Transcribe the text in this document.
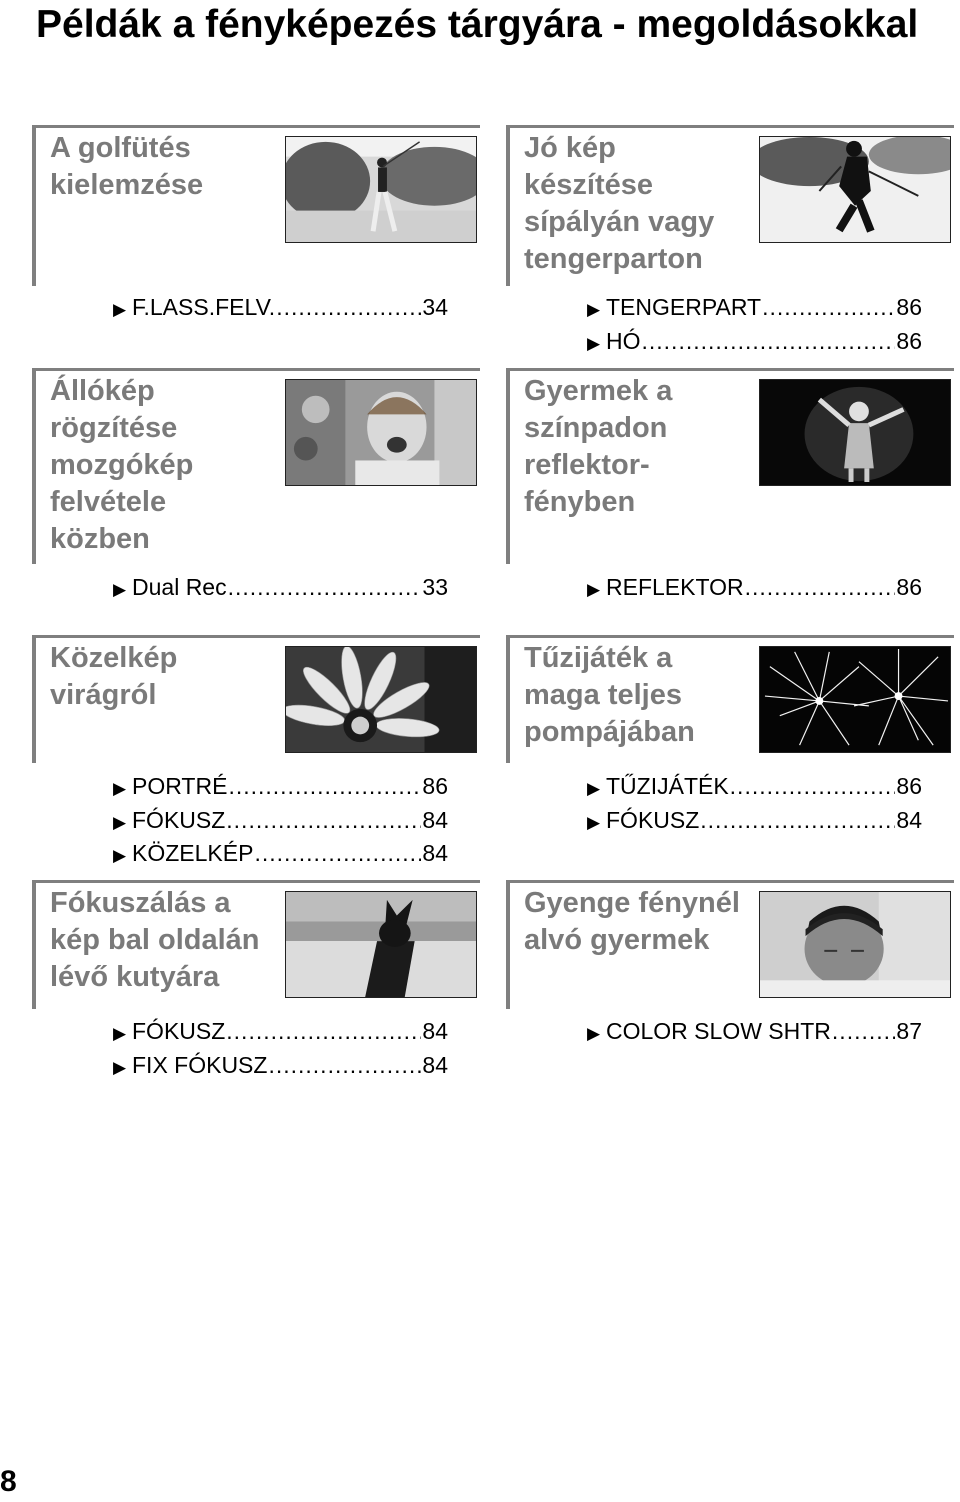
Példák a fényképezés tárgyára - megoldásokkal
A golfütés
kielemzése
▶ F.LASS.FELV. .....	34
Jó kép
készítése
sípályán vagy
tengerparton
▶ TENGERPART .....	86
▶ HÓ .....	86
Állókép
rögzítése
mozgókép
felvétele
közben
▶ Dual Rec .....	33
Gyermek a
színpadon
reflektor-
fényben
▶ REFLEKTOR .....	86
Közelkép
virágról
▶ PORTRÉ .....	86
▶ FÓKUSZ .....	84
▶ KÖZELKÉP .....	84
Tűzijáték a
maga teljes
pompájában
▶ TŰZIJÁTÉK .....	86
▶ FÓKUSZ .....	84
Fókuszálás a
kép bal oldalán
lévő kutyára
▶ FÓKUSZ .....	84
▶ FIX FÓKUSZ .....	84
Gyenge fénynél
alvó gyermek
▶ COLOR SLOW SHTR .....	87
8
